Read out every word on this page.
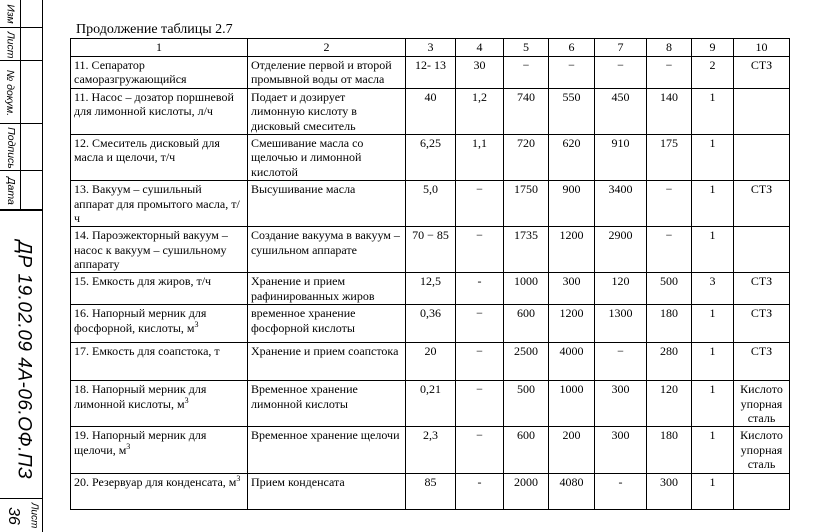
Изм
Лист
№ докум.
Подпись
Дата
ДР 19.02.09 4А-06.ОФ.ПЗ
Лист
36
Продолжение таблицы 2.7
1	2	3	4	5	6	7	8	9	10
11. Сепаратор саморазгружающийся	Отделение первой и второй промывной воды от масла	12- 13	30	−	−	−	−	2	СТЗ
11. Насос – дозатор поршневой для лимонной кислоты, л/ч	Подает и дозирует лимонную кислоту в дисковый смеситель	40	1,2	740	550	450	140	1	
12. Смеситель дисковый для масла и щелочи, т/ч	Смешивание масла со щелочью и лимонной кислотой	6,25	1,1	720	620	910	175	1	
13. Вакуум – сушильный аппарат для промытого масла, т/ч	Высушивание масла	5,0	−	1750	900	3400	−	1	СТЗ
14. Пароэжекторный вакуум – насос к вакуум – сушильному аппарату	Создание вакуума в вакуум – сушильном аппарате	70 − 85	−	1735	1200	2900	−	1	
15. Емкость для жиров, т/ч	Хранение и прием рафинированных жиров	12,5	-	1000	300	120	500	3	СТЗ
16. Напорный мерник для фосфорной, кислоты, $м^3$	временное хранение фосфорной кислоты	0,36	−	600	1200	1300	180	1	СТЗ
17. Емкость для соапстока, т	Хранение и прием соапстока	20	−	2500	4000	−	280	1	СТЗ
18. Напорный мерник для лимонной кислоты, $м^3$	Временное хранение лимонной кислоты	0,21	−	500	1000	300	120	1	Кислото упорная сталь
19. Напорный мерник для щелочи, $м^3$	Временное хранение щелочи	2,3	−	600	200	300	180	1	Кислото упорная сталь
20. Резервуар для конденсата, $м^3$	Прием конденсата	85	-	2000	4080	-	300	1	
